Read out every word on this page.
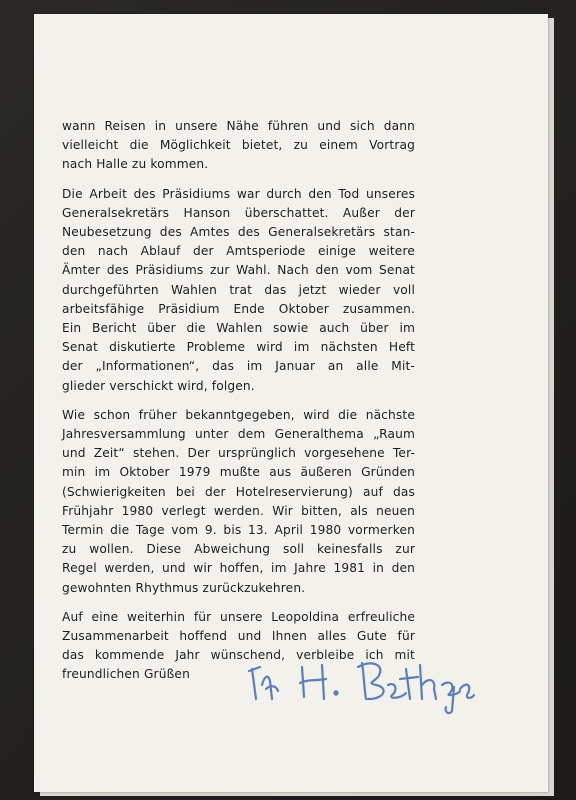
wann Reisen in unsere Nähe führen und sich dann
vielleicht die Möglichkeit bietet, zu einem Vortrag
nach Halle zu kommen.

Die Arbeit des Präsidiums war durch den Tod unseres
Generalsekretärs Hanson überschattet. Außer der
Neubesetzung des Amtes des Generalsekretärs stan-
den nach Ablauf der Amtsperiode einige weitere
Ämter des Präsidiums zur Wahl. Nach den vom Senat
durchgeführten Wahlen trat das jetzt wieder voll
arbeitsfähige Präsidium Ende Oktober zusammen.
Ein Bericht über die Wahlen sowie auch über im
Senat diskutierte Probleme wird im nächsten Heft
der „Informationen“, das im Januar an alle Mit-
glieder verschickt wird, folgen.

Wie schon früher bekanntgegeben, wird die nächste
Jahresversammlung unter dem Generalthema „Raum
und Zeit“ stehen. Der ursprünglich vorgesehene Ter-
min im Oktober 1979 mußte aus äußeren Gründen
(Schwierigkeiten bei der Hotelreservierung) auf das
Frühjahr 1980 verlegt werden. Wir bitten, als neuen
Termin die Tage vom 9. bis 13. April 1980 vormerken
zu wollen. Diese Abweichung soll keinesfalls zur
Regel werden, und wir hoffen, im Jahre 1981 in den
gewohnten Rhythmus zurückzukehren.

Auf eine weiterhin für unsere Leopoldina erfreuliche
Zusammenarbeit hoffend und Ihnen alles Gute für
das kommende Jahr wünschend, verbleibe ich mit
freundlichen Grüßen
